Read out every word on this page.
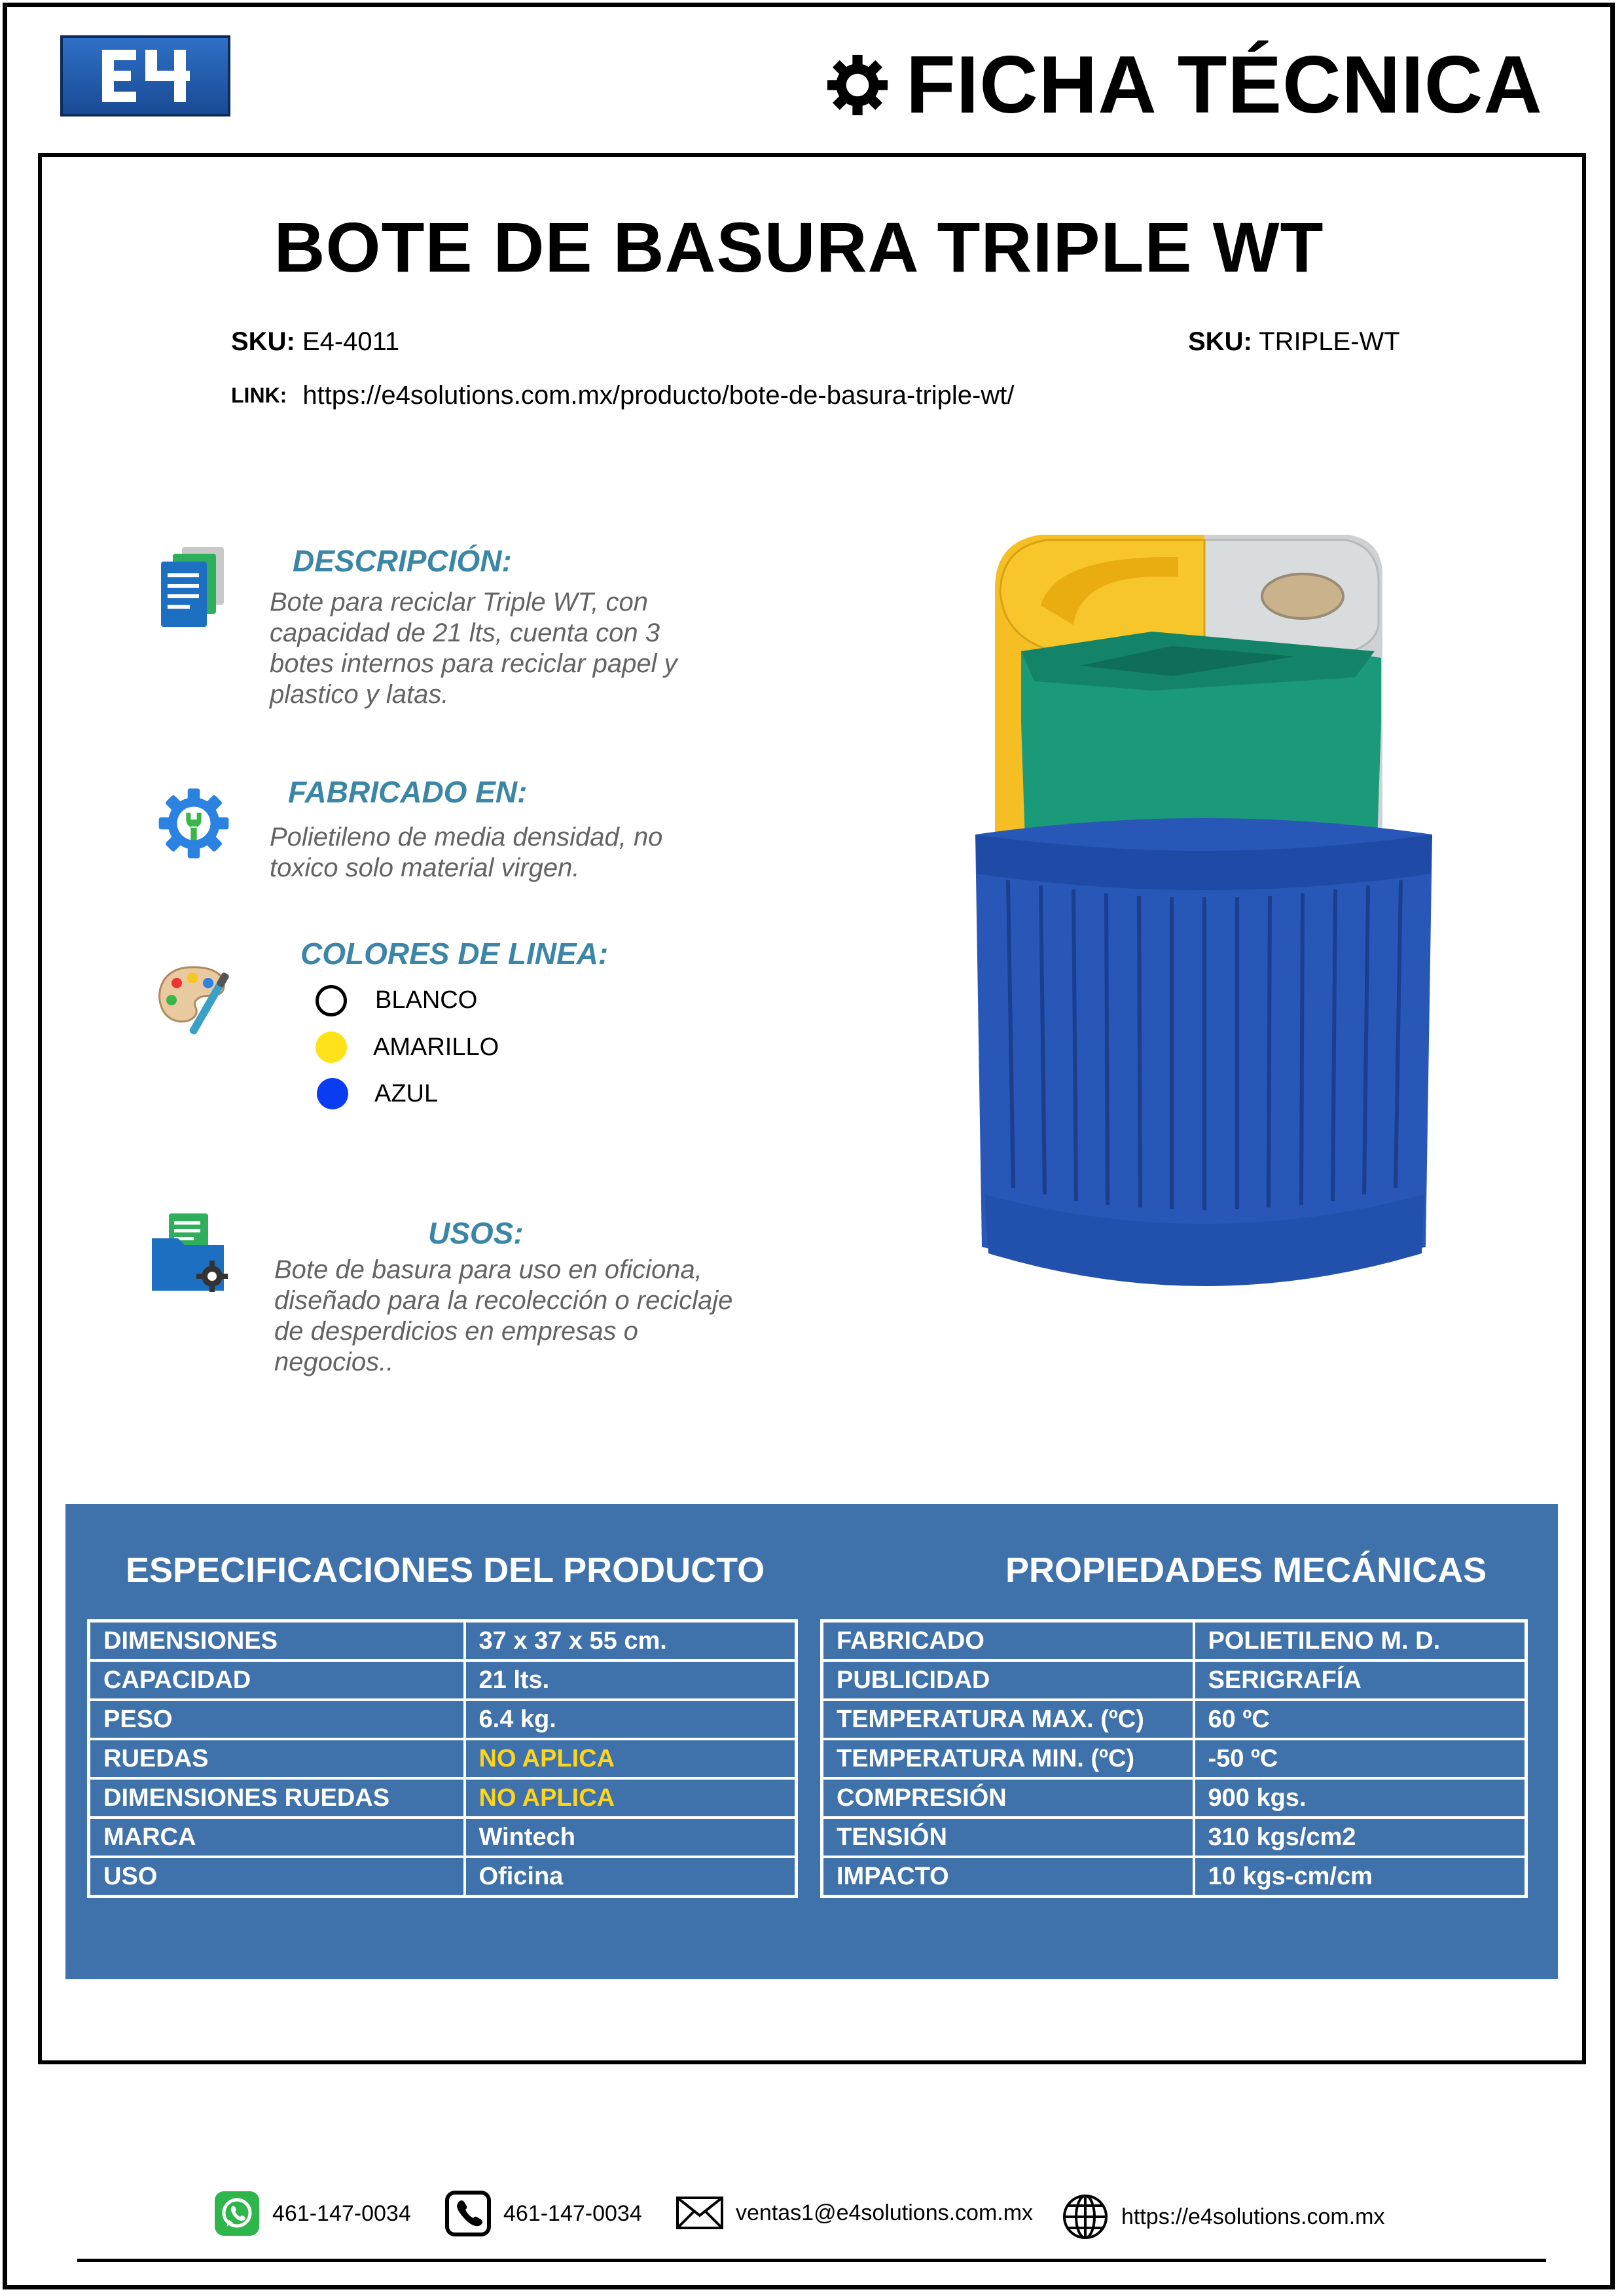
FICHA TÉCNICA
BOTE DE BASURA TRIPLE WT
SKU: E4-4011	SKU: TRIPLE-WT
LINK: https://e4solutions.com.mx/producto/bote-de-basura-triple-wt/
DESCRIPCIÓN:
Bote para reciclar Triple WT, con
capacidad de 21 lts, cuenta con 3
botes internos para reciclar papel y
plastico y latas.
FABRICADO EN:
Polietileno de media densidad, no
toxico solo material virgen.
COLORES DE LINEA:
BLANCO
AMARILLO
AZUL
USOS:
Bote de basura para uso en oficiona,
diseñado para la recolección o reciclaje
de desperdicios en empresas o
negocios..
ESPECIFICACIONES DEL PRODUCTO	PROPIEDADES MECÁNICAS
DIMENSIONES	37 x 37 x 55 cm.
CAPACIDAD	21 lts.
PESO	6.4 kg.
RUEDAS	NO APLICA
DIMENSIONES RUEDAS	NO APLICA
MARCA	Wintech
USO	Oficina
FABRICADO	POLIETILENO M. D.
PUBLICIDAD	SERIGRAFÍA
TEMPERATURA MAX. (ºC)	60 ºC
TEMPERATURA MIN. (ºC)	-50 ºC
COMPRESIÓN	900 kgs.
TENSIÓN	310 kgs/cm2
IMPACTO	10 kgs-cm/cm
461-147-0034	461-147-0034	ventas1@e4solutions.com.mx	https://e4solutions.com.mx
